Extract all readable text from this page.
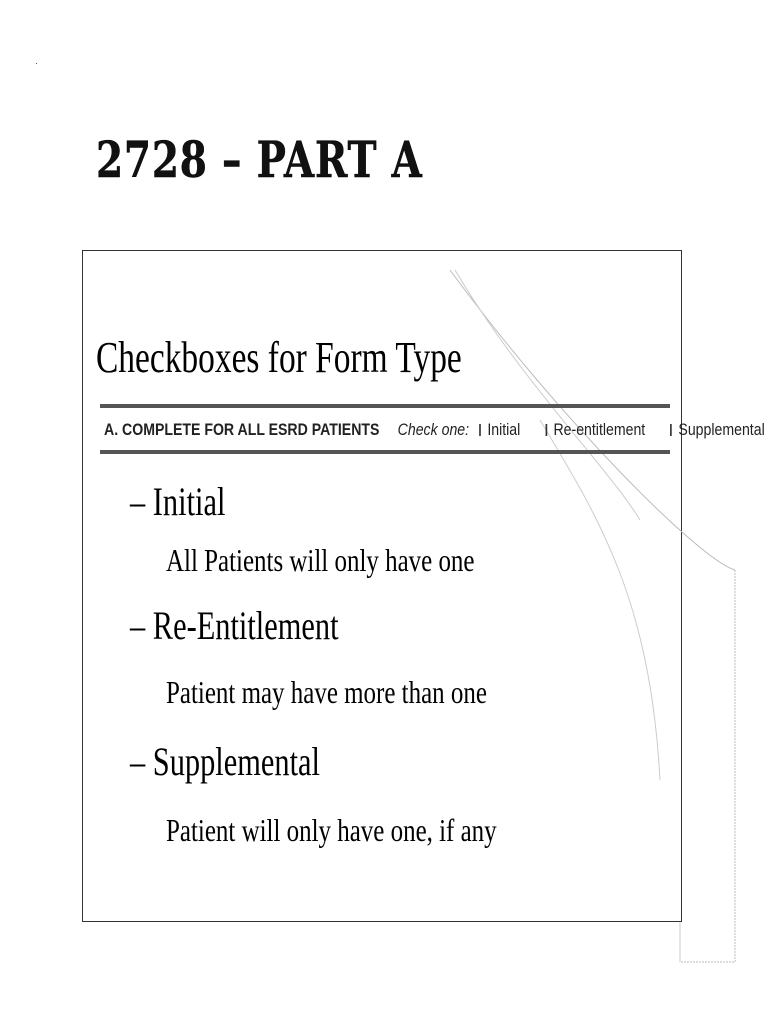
2728 – PART A
Checkboxes for Form Type
A. COMPLETE FOR ALL ESRD PATIENTS Check one: Initial Re-entitlement Supplemental
– Initial
All Patients will only have one
– Re-Entitlement
Patient may have more than one
– Supplemental
Patient will only have one, if any
